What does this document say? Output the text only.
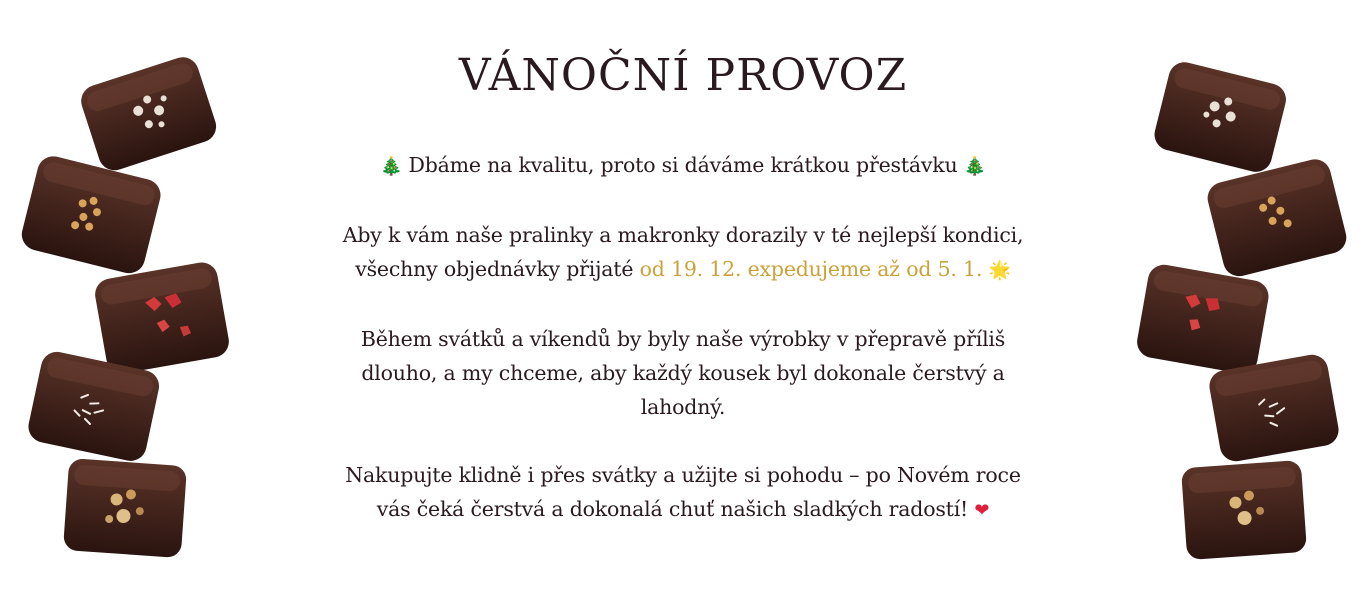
VÁNOČNÍ PROVOZ

🎄 Dbáme na kvalitu, proto si dáváme krátkou přestávku 🎄

Aby k vám naše pralinky a makronky dorazily v té nejlepší kondici,
všechny objednávky přijaté od 19. 12. expedujeme až od 5. 1. 🌟

Během svátků a víkendů by byly naše výrobky v přepravě příliš
dlouho, a my chceme, aby každý kousek byl dokonale čerstvý a
lahodný.

Nakupujte klidně i přes svátky a užijte si pohodu – po Novém roce
vás čeká čerstvá a dokonalá chuť našich sladkých radostí! ❤
